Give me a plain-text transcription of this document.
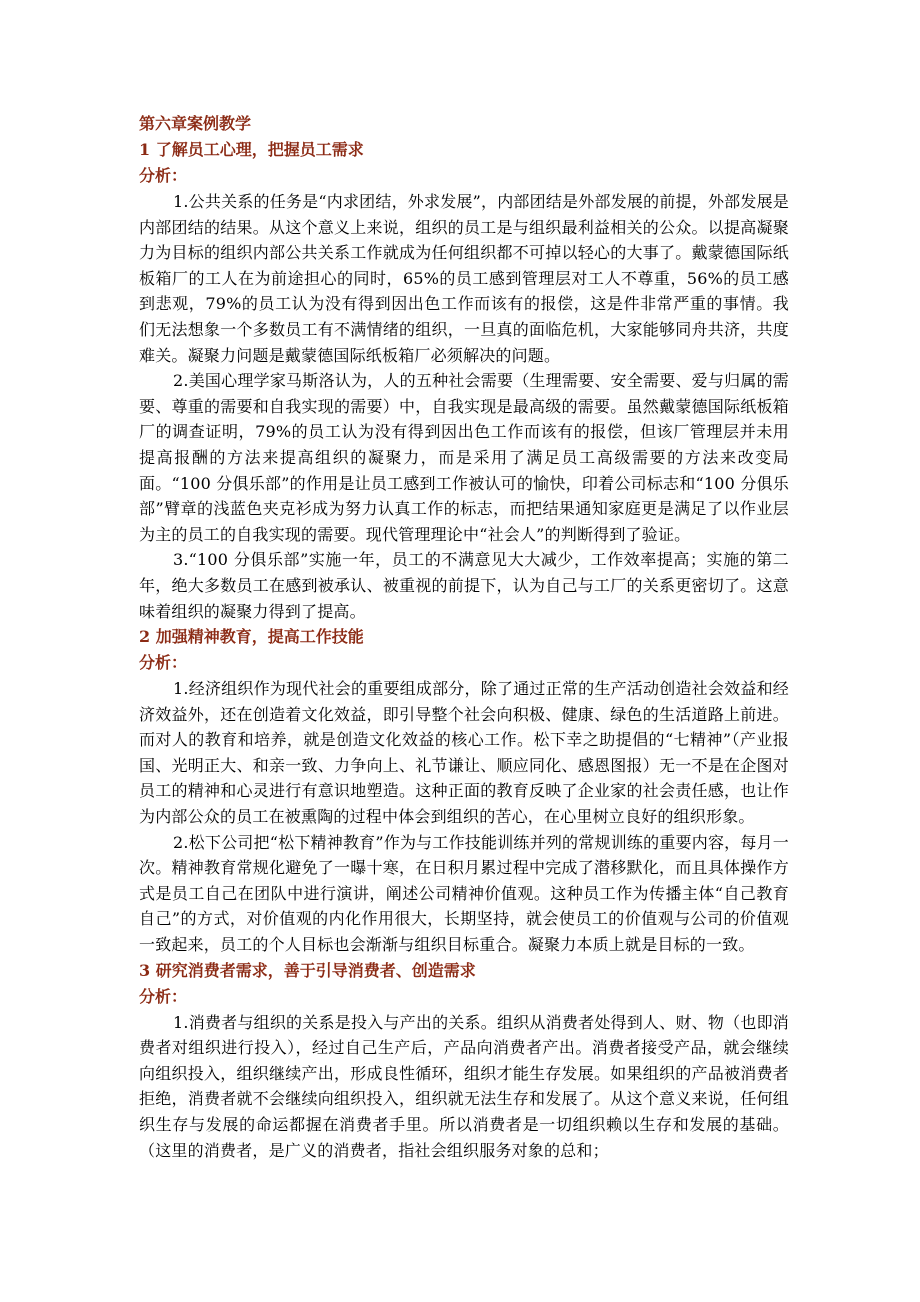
第六章案例教学
1 了解员工心理，把握员工需求
分析：

1.公共关系的任务是“内求团结，外求发展”，内部团结是外部发展的前提，外部发展是内部团结的结果。从这个意义上来说，组织的员工是与组织最利益相关的公众。以提高凝聚力为目标的组织内部公共关系工作就成为任何组织都不可掉以轻心的大事了。戴蒙德国际纸板箱厂的工人在为前途担心的同时，65%的员工感到管理层对工人不尊重，56%的员工感到悲观，79%的员工认为没有得到因出色工作而该有的报偿，这是件非常严重的事情。我们无法想象一个多数员工有不满情绪的组织，一旦真的面临危机，大家能够同舟共济，共度难关。凝聚力问题是戴蒙德国际纸板箱厂必须解决的问题。

2.美国心理学家马斯洛认为，人的五种社会需要（生理需要、安全需要、爱与归属的需要、尊重的需要和自我实现的需要）中，自我实现是最高级的需要。虽然戴蒙德国际纸板箱厂的调查证明，79%的员工认为没有得到因出色工作而该有的报偿，但该厂管理层并未用提高报酬的方法来提高组织的凝聚力，而是采用了满足员工高级需要的方法来改变局面。“100 分俱乐部”的作用是让员工感到工作被认可的愉快，印着公司标志和“100 分俱乐部”臂章的浅蓝色夹克衫成为努力认真工作的标志，而把结果通知家庭更是满足了以作业层为主的员工的自我实现的需要。现代管理理论中“社会人”的判断得到了验证。

3.“100 分俱乐部”实施一年，员工的不满意见大大减少，工作效率提高；实施的第二年，绝大多数员工在感到被承认、被重视的前提下，认为自己与工厂的关系更密切了。这意味着组织的凝聚力得到了提高。

2 加强精神教育，提高工作技能
分析：

1.经济组织作为现代社会的重要组成部分，除了通过正常的生产活动创造社会效益和经济效益外，还在创造着文化效益，即引导整个社会向积极、健康、绿色的生活道路上前进。而对人的教育和培养，就是创造文化效益的核心工作。松下幸之助提倡的“七精神”（产业报国、光明正大、和亲一致、力争向上、礼节谦让、顺应同化、感恩图报）无一不是在企图对员工的精神和心灵进行有意识地塑造。这种正面的教育反映了企业家的社会责任感，也让作为内部公众的员工在被熏陶的过程中体会到组织的苦心，在心里树立良好的组织形象。

2.松下公司把“松下精神教育”作为与工作技能训练并列的常规训练的重要内容，每月一次。精神教育常规化避免了一曝十寒，在日积月累过程中完成了潜移默化，而且具体操作方式是员工自己在团队中进行演讲，阐述公司精神价值观。这种员工作为传播主体“自己教育自己”的方式，对价值观的内化作用很大，长期坚持，就会使员工的价值观与公司的价值观一致起来，员工的个人目标也会渐渐与组织目标重合。凝聚力本质上就是目标的一致。

3 研究消费者需求，善于引导消费者、创造需求
分析：

1.消费者与组织的关系是投入与产出的关系。组织从消费者处得到人、财、物（也即消费者对组织进行投入），经过自己生产后，产品向消费者产出。消费者接受产品，就会继续向组织投入，组织继续产出，形成良性循环，组织才能生存发展。如果组织的产品被消费者拒绝，消费者就不会继续向组织投入，组织就无法生存和发展了。从这个意义来说，任何组织生存与发展的命运都握在消费者手里。所以消费者是一切组织赖以生存和发展的基础。（这里的消费者，是广义的消费者，指社会组织服务对象的总和；
